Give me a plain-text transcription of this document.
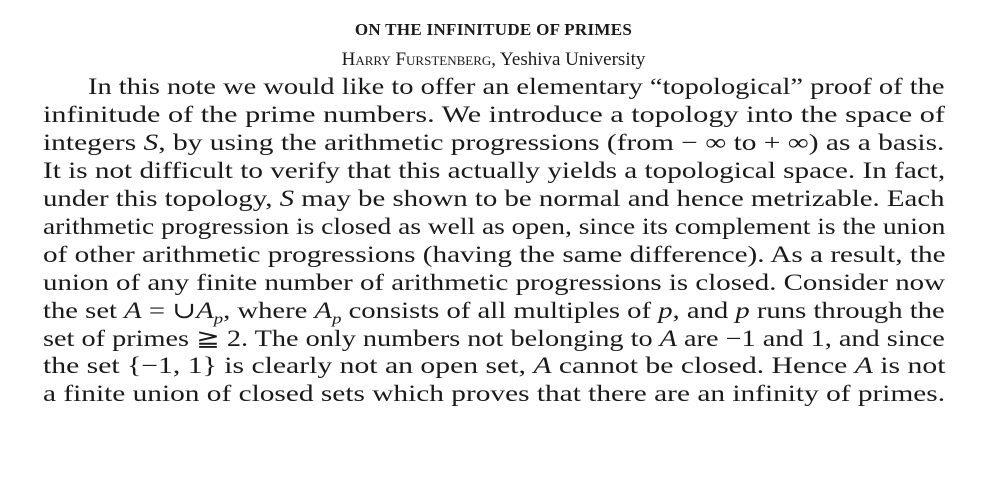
ON THE INFINITUDE OF PRIMES
Harry Furstenberg, Yeshiva University
In this note we would like to offer an elementary “topological” proof of the
infinitude of the prime numbers. We introduce a topology into the space of
integers S, by using the arithmetic progressions (from − ∞ to + ∞) as a basis.
It is not difficult to verify that this actually yields a topological space. In fact,
under this topology, S may be shown to be normal and hence metrizable. Each
arithmetic progression is closed as well as open, since its complement is the union
of other arithmetic progressions (having the same difference). As a result, the
union of any finite number of arithmetic progressions is closed. Consider now
the set $A = \cup A_p$, where $A_p$ consists of all multiples of p, and p runs through the
set of primes ≧ 2. The only numbers not belonging to A are −1 and 1, and since
the set {−1, 1} is clearly not an open set, A cannot be closed. Hence A is not
a finite union of closed sets which proves that there are an infinity of primes.
